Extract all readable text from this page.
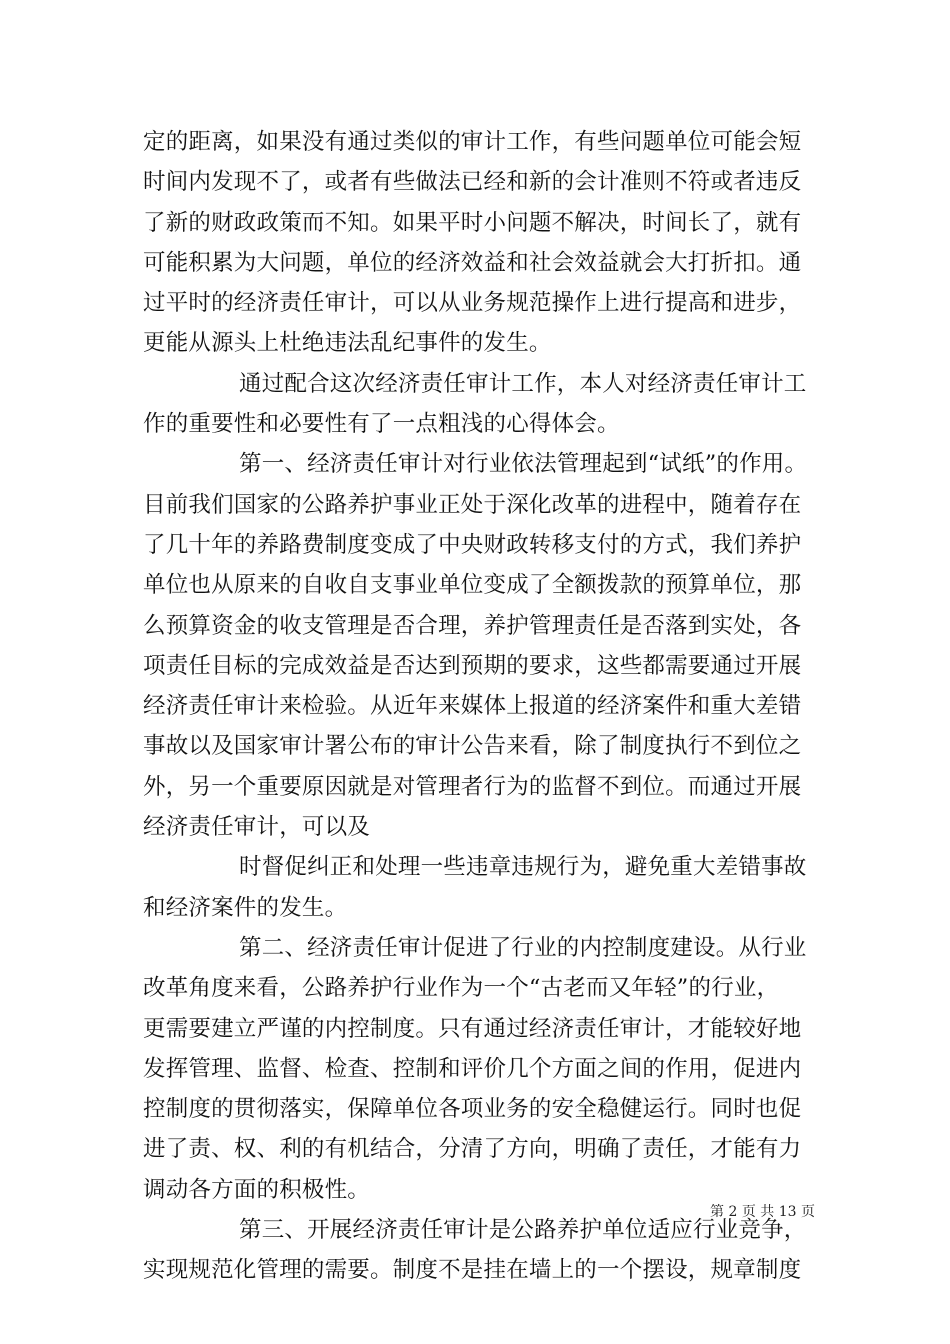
定的距离，如果没有通过类似的审计工作，有些问题单位可能会短
时间内发现不了，或者有些做法已经和新的会计准则不符或者违反
了新的财政政策而不知。如果平时小问题不解决，时间长了，就有
可能积累为大问题，单位的经济效益和社会效益就会大打折扣。通
过平时的经济责任审计，可以从业务规范操作上进行提高和进步，
更能从源头上杜绝违法乱纪事件的发生。
通过配合这次经济责任审计工作，本人对经济责任审计工
作的重要性和必要性有了一点粗浅的心得体会。
第一、经济责任审计对行业依法管理起到“试纸”的作用。
目前我们国家的公路养护事业正处于深化改革的进程中，随着存在
了几十年的养路费制度变成了中央财政转移支付的方式，我们养护
单位也从原来的自收自支事业单位变成了全额拨款的预算单位，那
么预算资金的收支管理是否合理，养护管理责任是否落到实处，各
项责任目标的完成效益是否达到预期的要求，这些都需要通过开展
经济责任审计来检验。从近年来媒体上报道的经济案件和重大差错
事故以及国家审计署公布的审计公告来看，除了制度执行不到位之
外，另一个重要原因就是对管理者行为的监督不到位。而通过开展
经济责任审计，可以及
时督促纠正和处理一些违章违规行为，避免重大差错事故
和经济案件的发生。
第二、经济责任审计促进了行业的内控制度建设。从行业
改革角度来看，公路养护行业作为一个“古老而又年轻”的行业，
更需要建立严谨的内控制度。只有通过经济责任审计，才能较好地
发挥管理、监督、检查、控制和评价几个方面之间的作用，促进内
控制度的贯彻落实，保障单位各项业务的安全稳健运行。同时也促
进了责、权、利的有机结合，分清了方向，明确了责任，才能有力
调动各方面的积极性。
第三、开展经济责任审计是公路养护单位适应行业竞争，
实现规范化管理的需要。制度不是挂在墙上的一个摆设，规章制度
第 2 页 共 13 页
